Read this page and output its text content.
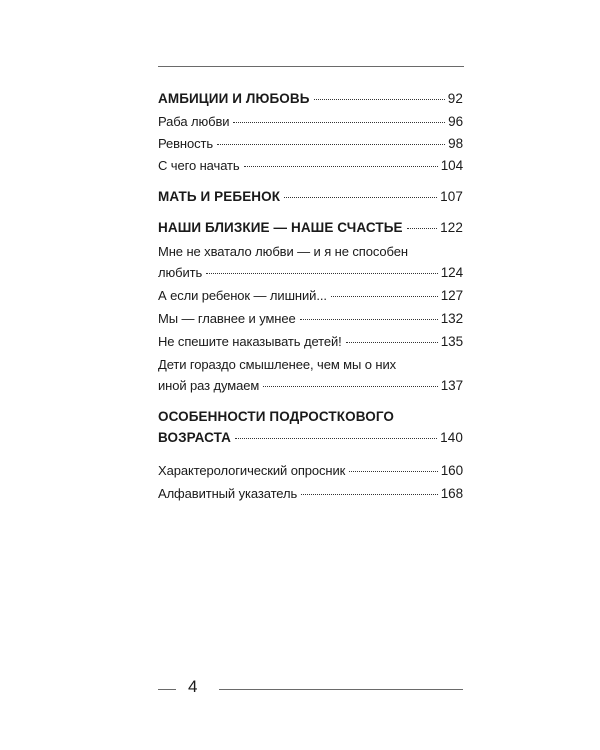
АМБИЦИИ И ЛЮБОВЬ	92
Раба любви	96
Ревность	98
С чего начать	104
МАТЬ И РЕБЕНОК	107
НАШИ БЛИЗКИЕ — НАШЕ СЧАСТЬЕ	122
Мне не хватало любви — и я не способен
любить	124
А если ребенок — лишний...	127
Мы — главнее и умнее	132
Не спешите наказывать детей!	135
Дети гораздо смышленее, чем мы о них
иной раз думаем	137
ОСОБЕННОСТИ ПОДРОСТКОВОГО
ВОЗРАСТА	140
Характерологический опросник	160
Алфавитный указатель	168
4
